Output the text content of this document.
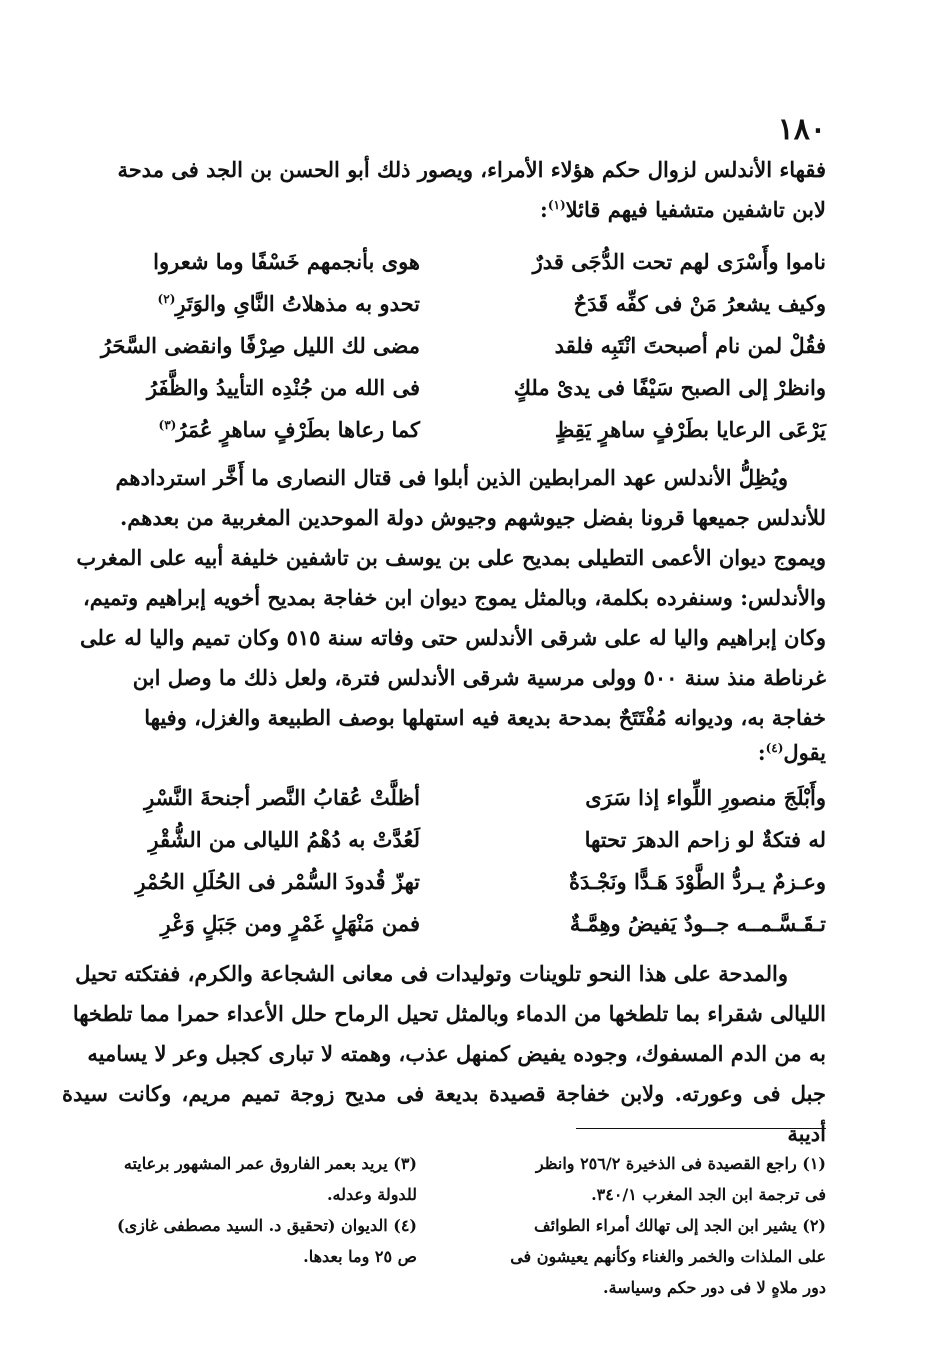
١٨٠

فقهاء الأندلس لزوال حكم هؤلاء الأمراء، ويصور ذلك أبو الحسن بن الجد فى مدحة

لابن تاشفين متشفيا فيهم قائلا$^{(١)}$:

ناموا وأَسْرَى لهم تحت الدُّجَى قدرٌ
هوى بأنجمهم خَسْفًا وما شعروا
وكيف يشعرُ مَنْ فى كفِّه قَدَحٌ
تحدو به مذهلاتُ النَّاىِ والوَتَرِ$^{(٢)}$
فقُلْ لمن نام أصبحتَ انْتَبِه فلقد
مضى لك الليل صِرْفًا وانقضى السَّحَرُ
وانظرْ إلى الصبح سَيْفًا فى يدىْ ملكٍ
فى الله من جُنْدِه التأييدُ والظَّفَرُ
يَرْعَى الرعايا بطَرْفٍ ساهرٍ يَقِظٍ
كما رعاها بطَرْفٍ ساهرٍ عُمَرُ$^{(٣)}$

ويُظِلُّ الأندلس عهد المرابطين الذين أبلوا فى قتال النصارى ما أَخَّر استردادهم

للأندلس جميعها قرونا بفضل جيوشهم وجيوش دولة الموحدين المغربية من بعدهم.

ويموج ديوان الأعمى التطيلى بمديح على بن يوسف بن تاشفين خليفة أبيه على المغرب

والأندلس: وسنفرده بكلمة، وبالمثل يموج ديوان ابن خفاجة بمديح أخويه إبراهيم وتميم،

وكان إبراهيم واليا له على شرقى الأندلس حتى وفاته سنة ٥١٥ وكان تميم واليا له على

غرناطة منذ سنة ٥٠٠ وولى مرسية شرقى الأندلس فترة، ولعل ذلك ما وصل ابن

خفاجة به، وديوانه مُفْتَتَحٌ بمدحة بديعة فيه استهلها بوصف الطبيعة والغزل، وفيها

يقول$^{(٤)}$:

وأَبْلَجَ منصورِ اللِّواء إذا سَرَى
أظلَّتْ عُقابُ النَّصر أجنحةَ النَّسْرِ
له فتكةٌ لو زاحم الدهرَ تحتها
لَعُدَّتْ به دُهْمُ الليالى من الشُّقْرِ
وعـزمٌ يـردُّ الطَّوْدَ هَـدًّا ونَجْـدَةٌ
تهزّ قُدودَ السُّمْر فى الحُلَلِ الحُمْرِ
تـقَـسَّـمــه جــودٌ يَفيضُ وهِمَّـةٌ
فمن مَنْهَلٍ غَمْرٍ ومن جَبَلٍ وَعْرِ

والمدحة على هذا النحو تلوينات وتوليدات فى معانى الشجاعة والكرم، ففتكته تحيل

الليالى شقراء بما تلطخها من الدماء وبالمثل تحيل الرماح حلل الأعداء حمرا مما تلطخها

به من الدم المسفوك، وجوده يفيض كمنهل عذب، وهمته لا تبارى كجبل وعر لا يساميه

جبل فى وعورته. ولابن خفاجة قصيدة بديعة فى مديح زوجة تميم مريم، وكانت سيدة أديبة

(١) راجع القصيدة فى الذخيرة ٢٥٦/٢ وانظر

فى ترجمة ابن الجد المغرب ٣٤٠/١.

(٢) يشير ابن الجد إلى تهالك أمراء الطوائف

على الملذات والخمر والغناء وكأنهم يعيشون فى

دور ملاهٍ لا فى دور حكم وسياسة.

(٣) يريد بعمر الفاروق عمر المشهور برعايته

للدولة وعدله.

(٤) الديوان (تحقيق د. السيد مصطفى غازى)

ص ٢٥ وما بعدها.
